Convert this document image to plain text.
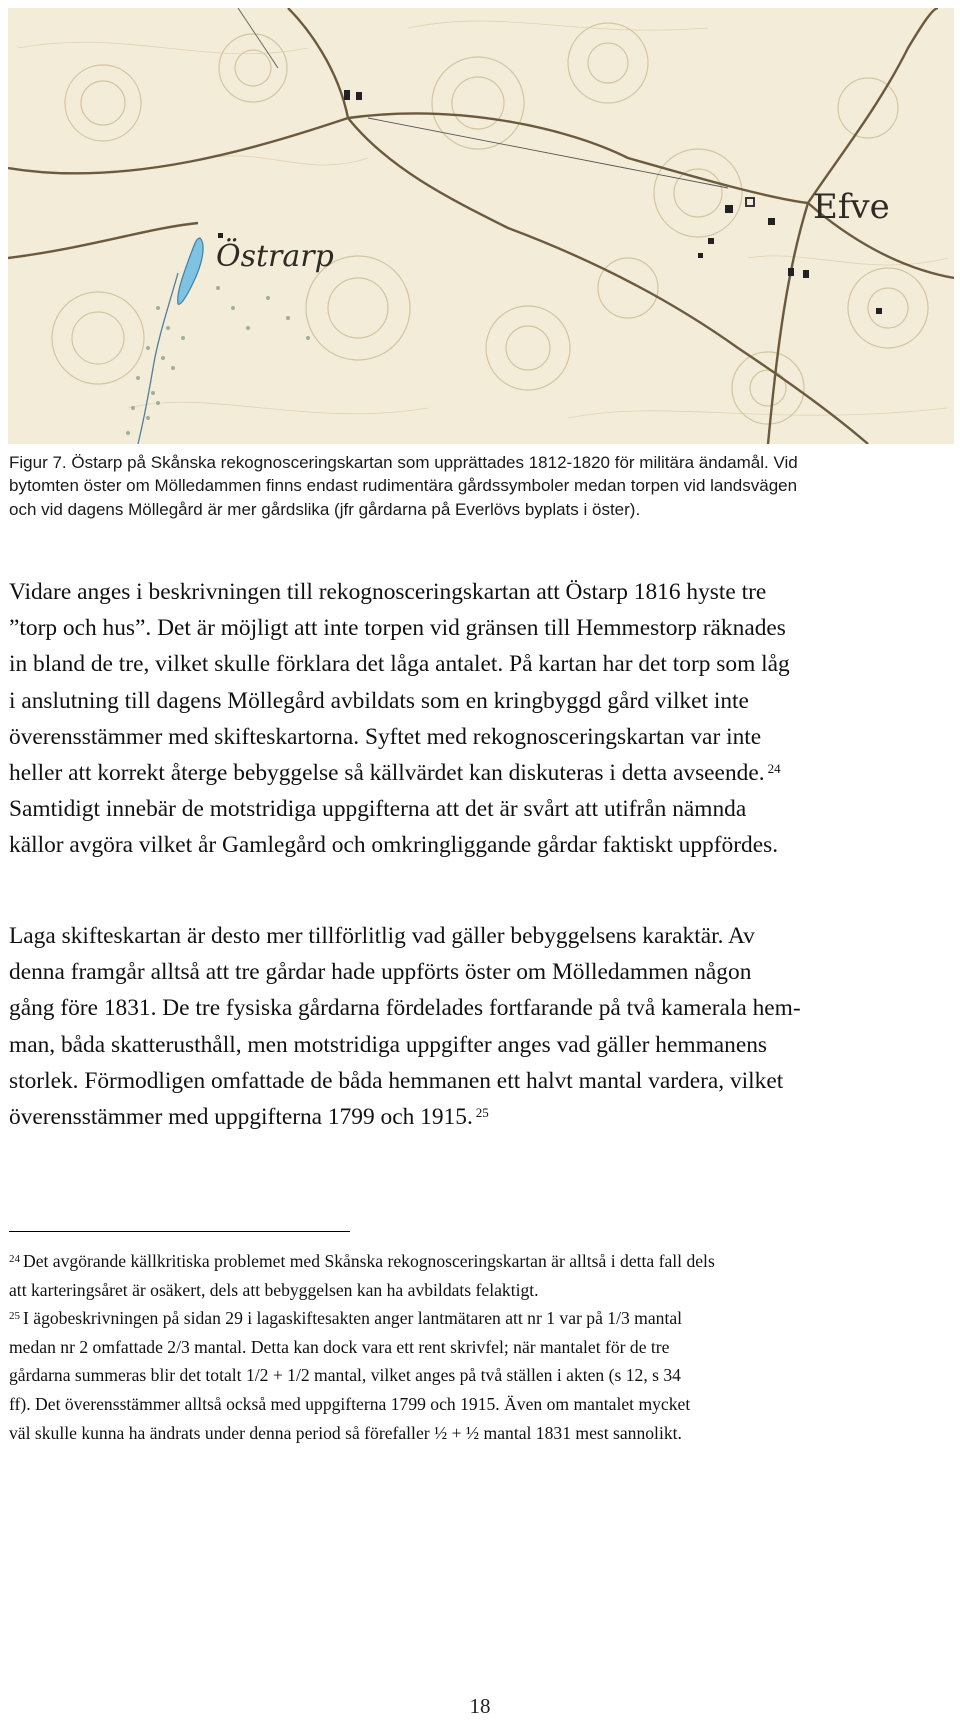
Östrarp
Efve
Figur 7. Östarp på Skånska rekognosceringskartan som upprättades 1812-1820 för militära ändamål. Vid
bytomten öster om Mölledammen finns endast rudimentära gårdssymboler medan torpen vid landsvägen
och vid dagens Möllegård är mer gårdslika (jfr gårdarna på Everlövs byplats i öster).
Vidare anges i beskrivningen till rekognosceringskartan att Östarp 1816 hyste tre
”torp och hus”. Det är möjligt att inte torpen vid gränsen till Hemmestorp räknades
in bland de tre, vilket skulle förklara det låga antalet. På kartan har det torp som låg
i anslutning till dagens Möllegård avbildats som en kringbyggd gård vilket inte
överensstämmer med skifteskartorna. Syftet med rekognosceringskartan var inte
heller att korrekt återge bebyggelse så källvärdet kan diskuteras i detta avseende. $^{24}$
Samtidigt innebär de motstridiga uppgifterna att det är svårt att utifrån nämnda
källor avgöra vilket år Gamlegård och omkringliggande gårdar faktiskt uppfördes.
Laga skifteskartan är desto mer tillförlitlig vad gäller bebyggelsens karaktär. Av
denna framgår alltså att tre gårdar hade uppförts öster om Mölledammen någon
gång före 1831. De tre fysiska gårdarna fördelades fortfarande på två kamerala hem-
man, båda skatterusthåll, men motstridiga uppgifter anges vad gäller hemmanens
storlek. Förmodligen omfattade de båda hemmanen ett halvt mantal vardera, vilket
överensstämmer med uppgifterna 1799 och 1915. $^{25}$
$^{24}$ Det avgörande källkritiska problemet med Skånska rekognosceringskartan är alltså i detta fall dels
att karteringsåret är osäkert, dels att bebyggelsen kan ha avbildats felaktigt.
$^{25}$ I ägobeskrivningen på sidan 29 i lagaskiftesakten anger lantmätaren att nr 1 var på 1/3 mantal
medan nr 2 omfattade 2/3 mantal. Detta kan dock vara ett rent skrivfel; när mantalet för de tre
gårdarna summeras blir det totalt 1/2 + 1/2 mantal, vilket anges på två ställen i akten (s 12, s 34
ff). Det överensstämmer alltså också med uppgifterna 1799 och 1915. Även om mantalet mycket
väl skulle kunna ha ändrats under denna period så förefaller ½ + ½ mantal 1831 mest sannolikt.
18
